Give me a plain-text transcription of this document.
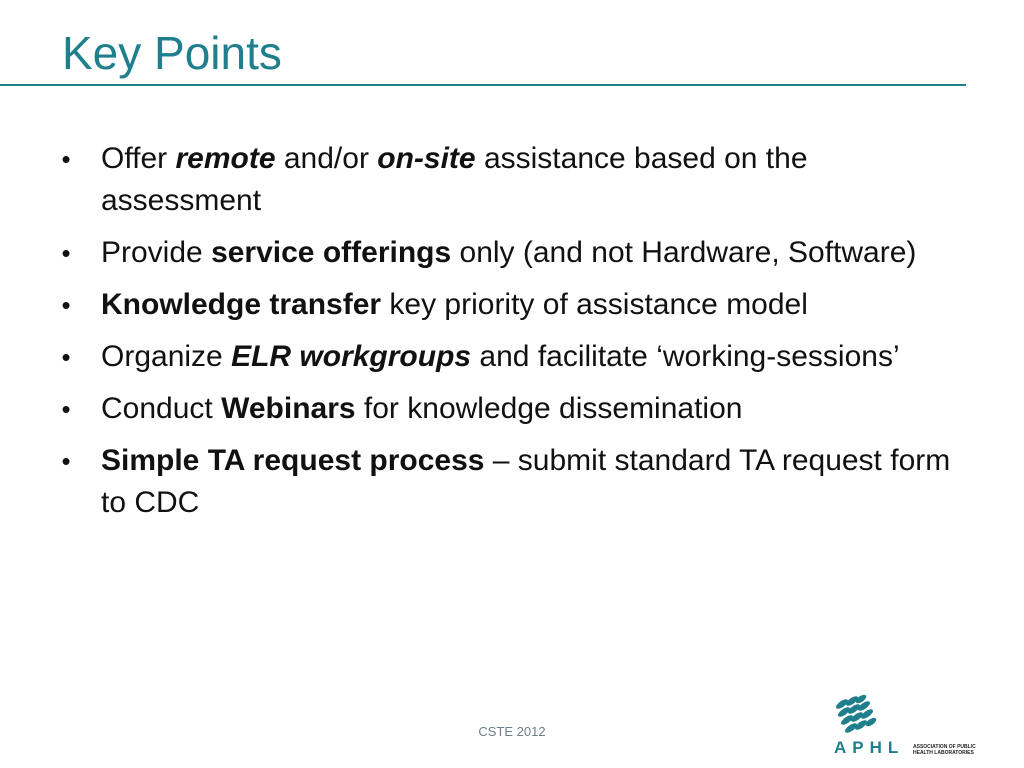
Key Points
• Offer remote and/or on-site assistance based on the assessment
• Provide service offerings only (and not Hardware, Software)
• Knowledge transfer key priority of assistance model
• Organize ELR workgroups and facilitate ‘working-sessions’
• Conduct Webinars for knowledge dissemination
• Simple TA request process – submit standard TA request form to CDC
CSTE 2012
APHL ASSOCIATION OF PUBLIC HEALTH LABORATORIES
